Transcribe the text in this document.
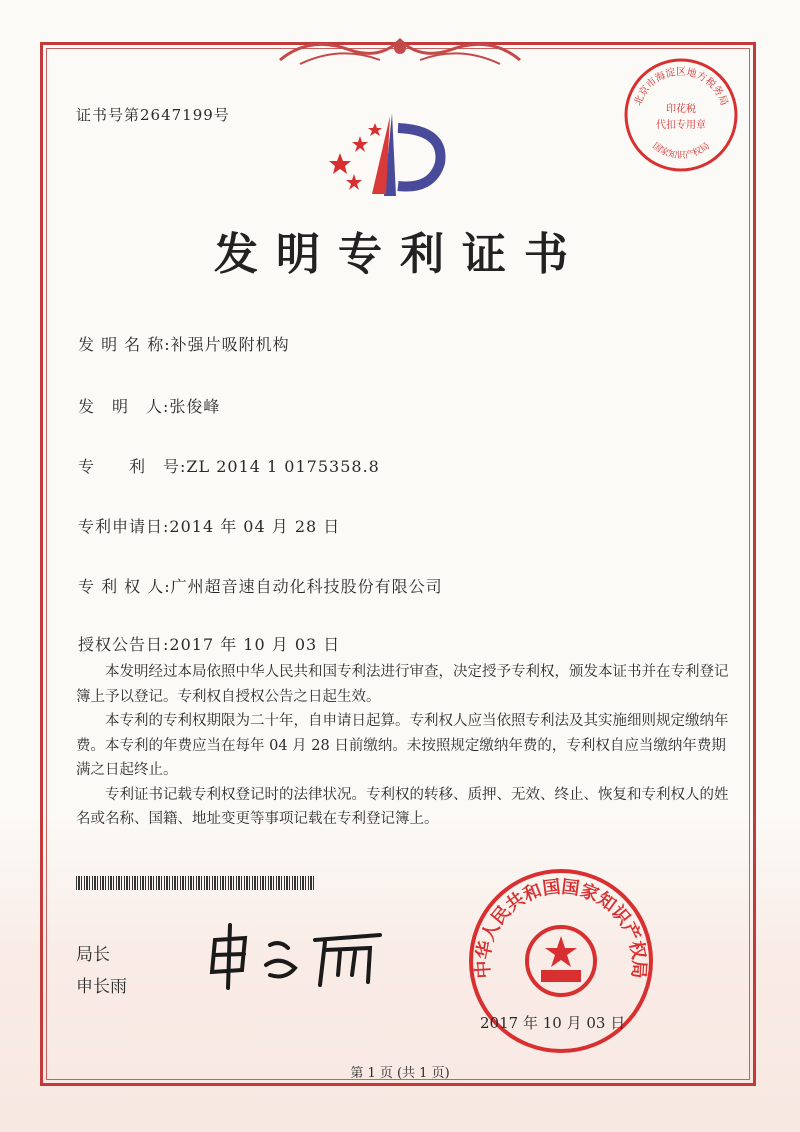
证书号第2647199号
发明专利证书
发 明 名 称:补强片吸附机构
发　明　人:张俊峰
专　　利　号:ZL 2014 1 0175358.8
专利申请日:2014 年 04 月 28 日
专 利 权 人:广州超音速自动化科技股份有限公司
授权公告日:2017 年 10 月 03 日

本发明经过本局依照中华人民共和国专利法进行审查，决定授予专利权，颁发本证书并在专利登记簿上予以登记。专利权自授权公告之日起生效。

本专利的专利权期限为二十年，自申请日起算。专利权人应当依照专利法及其实施细则规定缴纳年费。本专利的年费应当在每年 04 月 28 日前缴纳。未按照规定缴纳年费的，专利权自应当缴纳年费期满之日起终止。

专利证书记载专利权登记时的法律状况。专利权的转移、质押、无效、终止、恢复和专利权人的姓名或名称、国籍、地址变更等事项记载在专利登记簿上。

局长
申长雨
北京市海淀区地方税务局
印花税
代扣专用章
国家知识产权局
中华人民共和国国家知识产权局
2017 年 10 月 03 日
第 1 页 (共 1 页)
